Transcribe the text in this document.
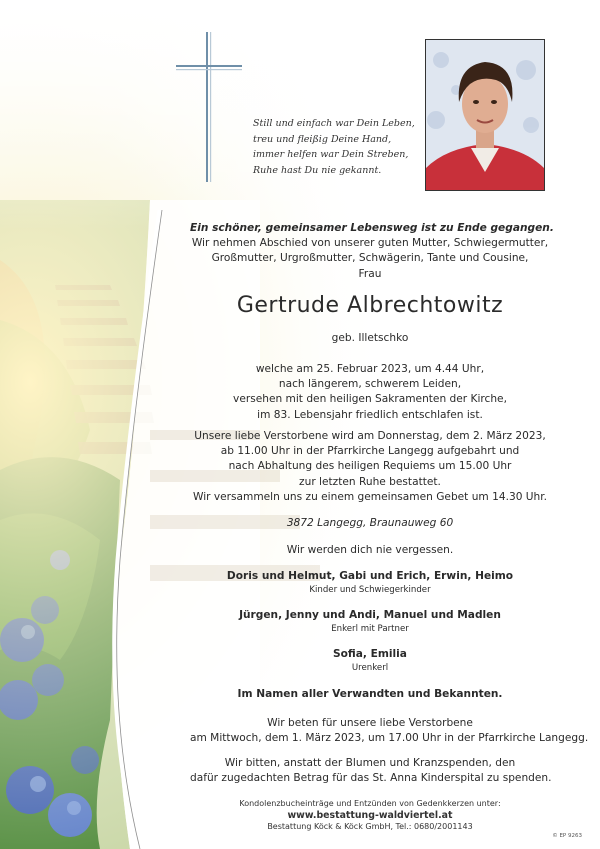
Still und einfach war Dein Leben,
treu und fleißig Deine Hand,
immer helfen war Dein Streben,
Ruhe hast Du nie gekannt.
Ein schöner, gemeinsamer Lebensweg ist zu Ende gegangen.
Wir nehmen Abschied von unserer guten Mutter, Schwiegermutter,
Großmutter, Urgroßmutter, Schwägerin, Tante und Cousine,
Frau
Gertrude Albrechtowitz
geb. Illetschko
welche am 25. Februar 2023, um 4.44 Uhr,
nach längerem, schwerem Leiden,
versehen mit den heiligen Sakramenten der Kirche,
im 83. Lebensjahr friedlich entschlafen ist.
Unsere liebe Verstorbene wird am Donnerstag, dem 2. März 2023,
ab 11.00 Uhr in der Pfarrkirche Langegg aufgebahrt und
nach Abhaltung des heiligen Requiems um 15.00 Uhr
zur letzten Ruhe bestattet.
Wir versammeln uns zu einem gemeinsamen Gebet um 14.30 Uhr.
3872 Langegg, Braunauweg 60
Wir werden dich nie vergessen.
Doris und Helmut, Gabi und Erich, Erwin, Heimo
Kinder und Schwiegerkinder
Jürgen, Jenny und Andi, Manuel und Madlen
Enkerl mit Partner
Sofia, Emilia
Urenkerl
Im Namen aller Verwandten und Bekannten.
Wir beten für unsere liebe Verstorbene
am Mittwoch, dem 1. März 2023, um 17.00 Uhr in der Pfarrkirche Langegg.
Wir bitten, anstatt der Blumen und Kranzspenden, den
dafür zugedachten Betrag für das St. Anna Kinderspital zu spenden.
Kondolenzbucheinträge und Entzünden von Gedenkkerzen unter:
www.bestattung-waldviertel.at
Bestattung Köck & Köck GmbH, Tel.: 0680/2001143
© EP 9263
